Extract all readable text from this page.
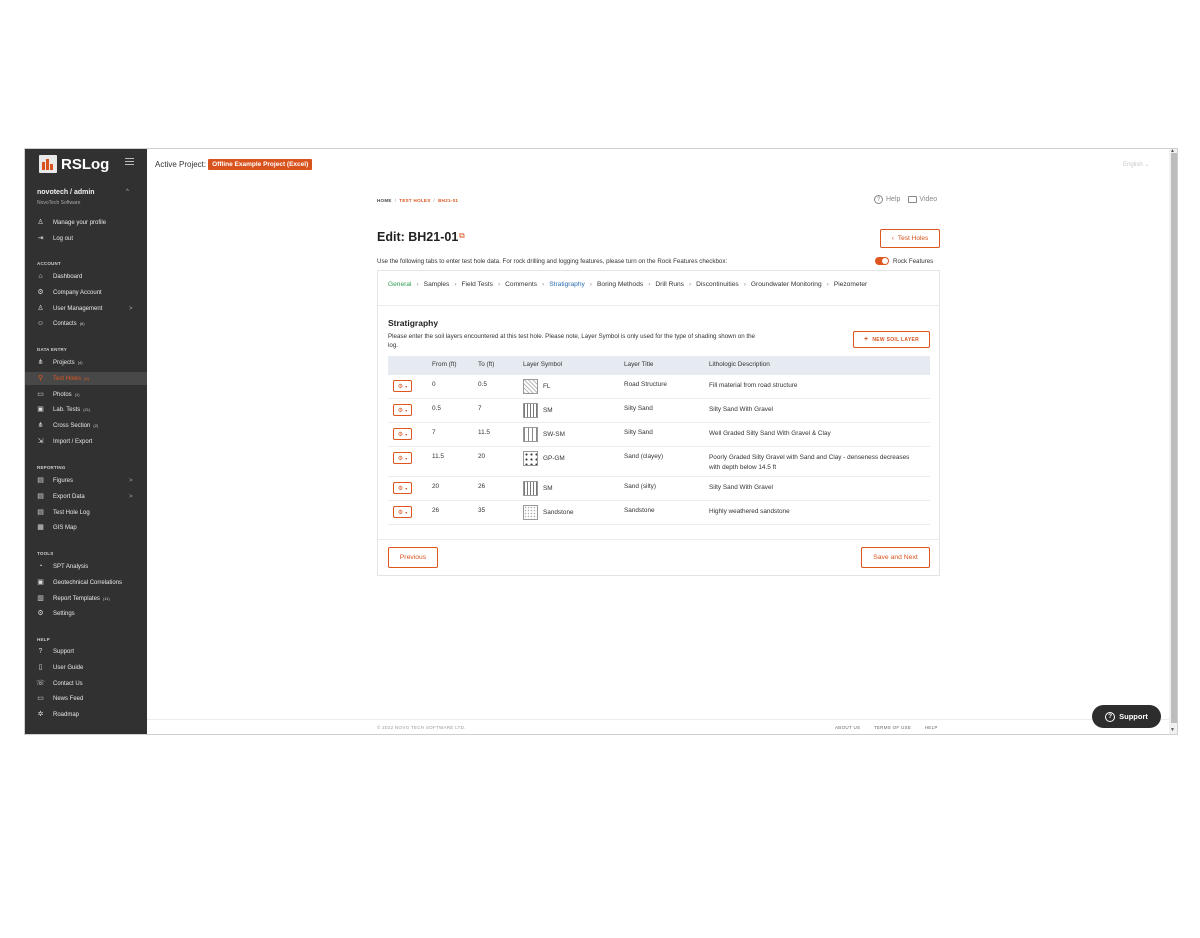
RSLog
novotech / admin
NovoTech Software
^
♙ Manage your profile
⇥ Log out
ACCOUNT
⌂ Dashboard
⚙ Company Account
♙ User Management	>
☺ Contacts (8)
DATA ENTRY
⋔ Projects (4)
⚲ Test Holes (6)
▭ Photos (1)
▣ Lab. Tests (21)
⋔ Cross Section (2)
⇲ Import / Export
REPORTING
▤ Figures	>
▤ Export Data	>
▤ Test Hole Log
▦ GIS Map
TOOLS
◔ SPT Analysis
▣ Geotechnical Correlations
▥ Report Templates (11)
⚙ Settings
HELP
? Support
▯ User Guide
☏ Contact Us
▭ News Feed
✲ Roadmap
Active Project: Offline Example Project (Excel)	English ⌄
HOME / TEST HOLES / BH21-01	? Help	Video
Edit: BH21-01 ⧉	‹ Test Holes
Use the following tabs to enter test hole data. For rock drilling and logging features, please turn on the Rock Features checkbox:	Rock Features
General › Samples › Field Tests › Comments › Stratigraphy › Boring Methods › Drill Runs › Discontinuities › Groundwater Monitoring › Piezometer
Stratigraphy
Please enter the soil layers encountered at this test hole. Please note, Layer Symbol is only used for the type of shading shown on the log.
+ NEW SOIL LAYER
From (ft)	To (ft)	Layer Symbol	Layer Title	Lithologic Description
⚙ ▾	0	0.5	FL	Road Structure	Fill material from road structure
⚙ ▾	0.5	7	SM	Silty Sand	Silty Sand With Gravel
⚙ ▾	7	11.5	SW-SM	Silty Sand	Well Graded Silty Sand With Gravel & Clay
⚙ ▾	11.5	20	GP-GM	Sand (clayey)	Poorly Graded Silty Gravel with Sand and Clay - denseness decreases with depth below 14.5 ft
⚙ ▾	20	26	SM	Sand (silty)	Silty Sand With Gravel
⚙ ▾	26	35	Sandstone	Sandstone	Highly weathered sandstone
Previous	Save and Next
© 2022 NOVO TECH SOFTWARE LTD.	ABOUT US	TERMS OF USE	HELP
? Support
▲
▼
